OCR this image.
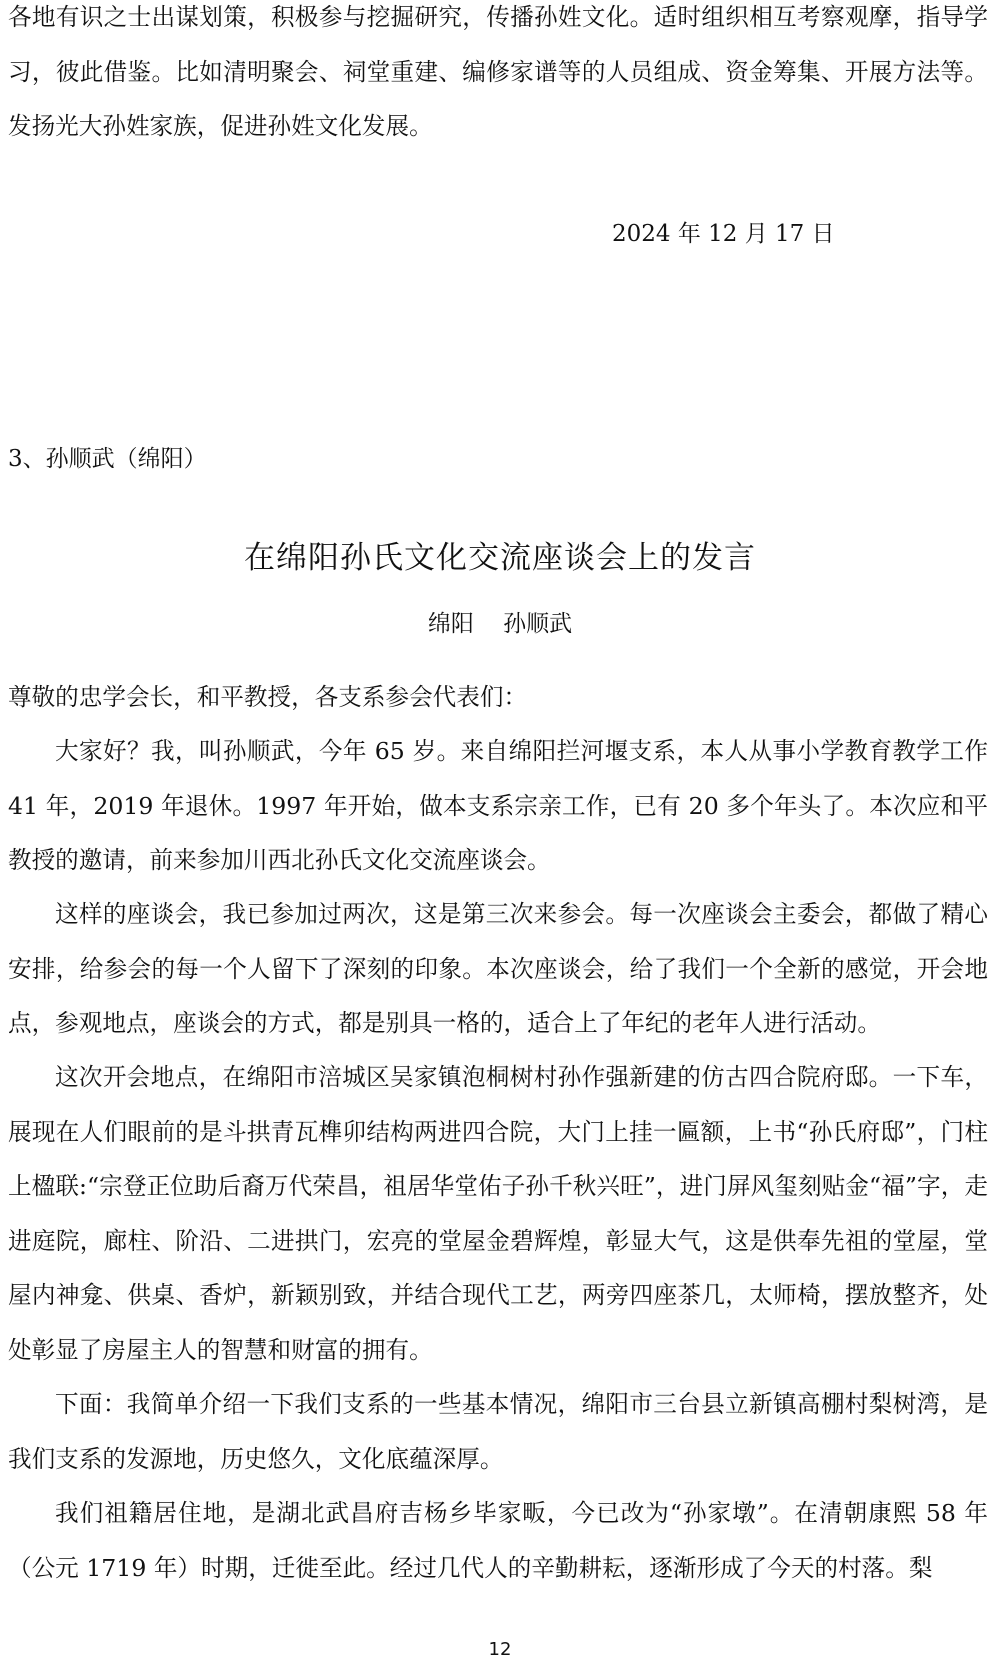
各地有识之士出谋划策，积极参与挖掘研究，传播孙姓文化。适时组织相互考察观摩，指导学习，彼此借鉴。比如清明聚会、祠堂重建、编修家谱等的人员组成、资金筹集、开展方法等。发扬光大孙姓家族，促进孙姓文化发展。

2024 年 12 月 17 日
3、孙顺武（绵阳）
在绵阳孙氏文化交流座谈会上的发言
绵阳    孙顺武

尊敬的忠学会长，和平教授，各支系参会代表们：

大家好？我，叫孙顺武，今年 65 岁。来自绵阳拦河堰支系，本人从事小学教育教学工作 41 年，2019 年退休。1997 年开始，做本支系宗亲工作，已有 20 多个年头了。本次应和平教授的邀请，前来参加川西北孙氏文化交流座谈会。

这样的座谈会，我已参加过两次，这是第三次来参会。每一次座谈会主委会，都做了精心安排，给参会的每一个人留下了深刻的印象。本次座谈会，给了我们一个全新的感觉，开会地点，参观地点，座谈会的方式，都是别具一格的，适合上了年纪的老年人进行活动。

这次开会地点，在绵阳市涪城区吴家镇泡桐树村孙作强新建的仿古四合院府邸。一下车，展现在人们眼前的是斗拱青瓦榫卯结构两进四合院，大门上挂一匾额，上书“孙氏府邸”，门柱上楹联:“宗登正位助后裔万代荣昌，祖居华堂佑子孙千秋兴旺”，进门屏风玺刻贴金“福”字，走进庭院，廊柱、阶沿、二进拱门，宏亮的堂屋金碧辉煌，彰显大气，这是供奉先祖的堂屋，堂屋内神龛、供桌、香炉，新颖别致，并结合现代工艺，两旁四座茶几，太师椅，摆放整齐，处处彰显了房屋主人的智慧和财富的拥有。

下面：我简单介绍一下我们支系的一些基本情况，绵阳市三台县立新镇高棚村梨树湾，是我们支系的发源地，历史悠久，文化底蕴深厚。

我们祖籍居住地，是湖北武昌府吉杨乡毕家畈，今已改为“孙家墩”。在清朝康熙 58 年（公元 1719 年）时期，迁徙至此。经过几代人的辛勤耕耘，逐渐形成了今天的村落。梨

12
